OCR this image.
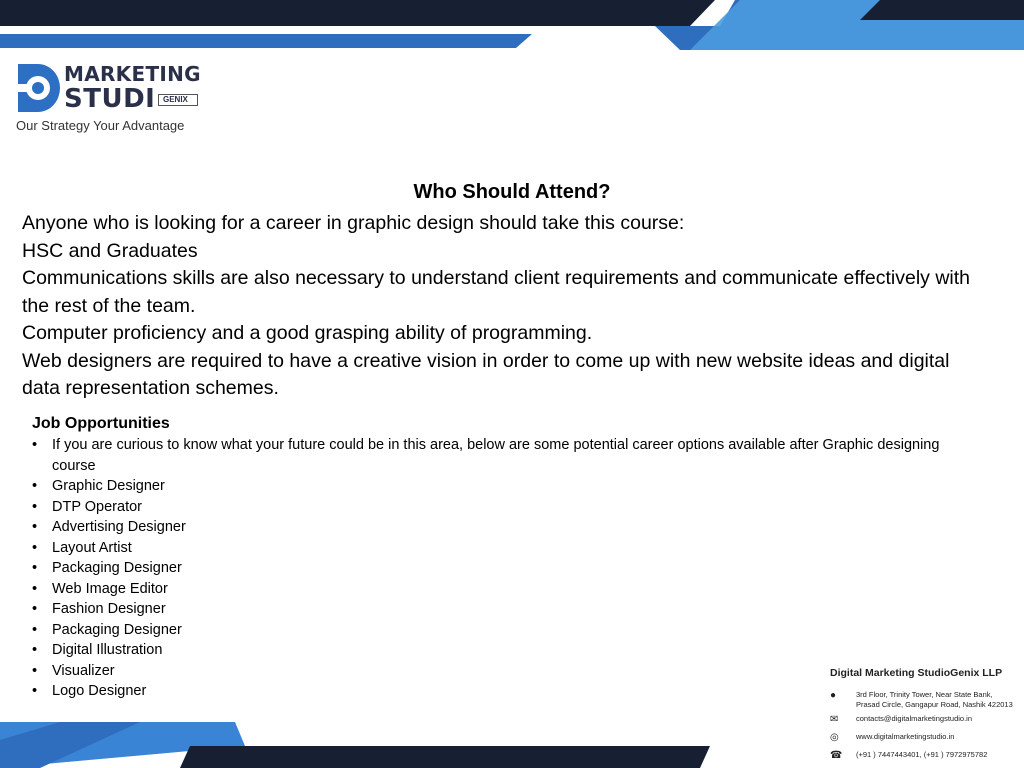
MARKETING
STUDI GENIX
Our Strategy Your Advantage
Who Should Attend?

Anyone who is looking for a career in graphic design should take this course:

HSC and Graduates

Communications skills are also necessary to understand client requirements and communicate effectively with the rest of the team.

Computer proficiency and a good grasping ability of programming.

Web designers are required to have a creative vision in order to come up with new website ideas and digital data representation schemes.

Job Opportunities
• If you are curious to know what your future could be in this area, below are some potential career options available after Graphic designing course
• Graphic Designer
• DTP Operator
• Advertising Designer
• Layout Artist
• Packaging Designer
• Web Image Editor
• Fashion Designer
• Packaging Designer
• Digital Illustration
• Visualizer
• Logo Designer
Digital Marketing StudioGenix LLP
●	3rd Floor, Trinity Tower, Near State Bank,
Prasad Circle, Gangapur Road, Nashik 422013
✉	contacts@digitalmarketingstudio.in
◎	www.digitalmarketingstudio.in
☎ (+91 ) 7447443401, (+91 ) 7972975782
